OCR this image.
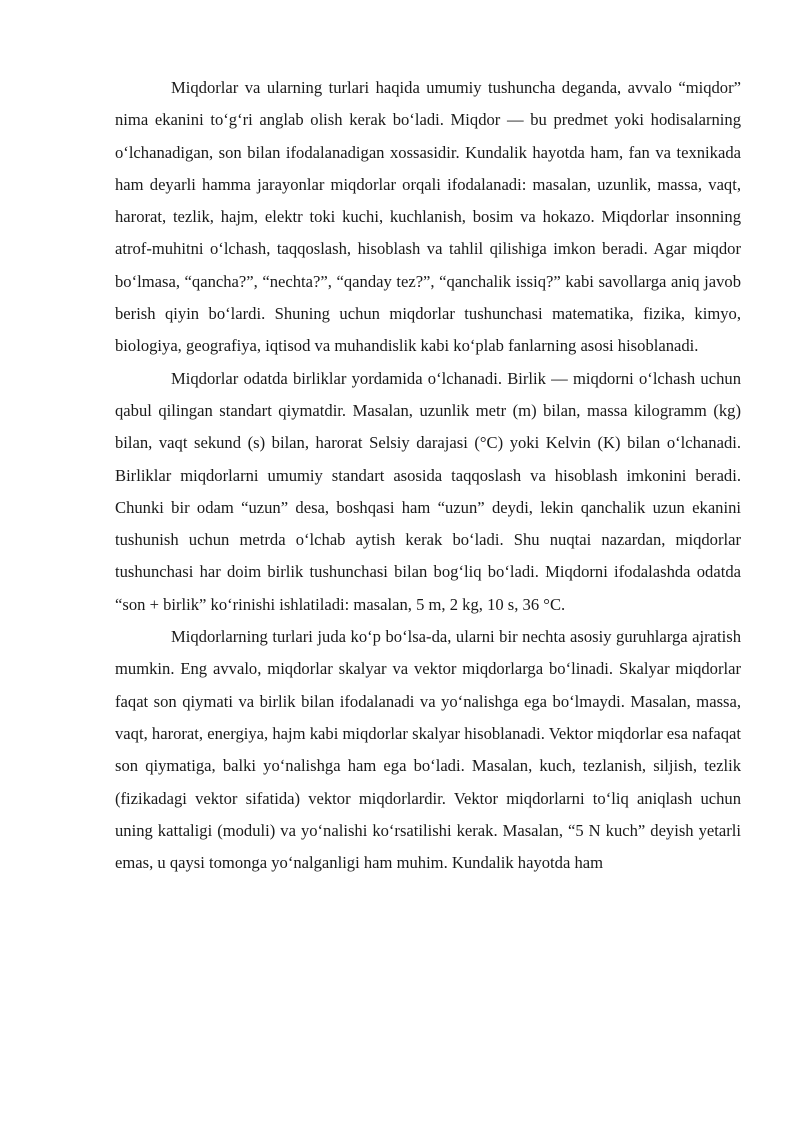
Miqdorlar va ularning turlari haqida umumiy tushuncha deganda, avvalo “miqdor” nima ekanini to‘g‘ri anglab olish kerak bo‘ladi. Miqdor — bu predmet yoki hodisalarning o‘lchanadigan, son bilan ifodalanadigan xossasidir. Kundalik hayotda ham, fan va texnikada ham deyarli hamma jarayonlar miqdorlar orqali ifodalanadi: masalan, uzunlik, massa, vaqt, harorat, tezlik, hajm, elektr toki kuchi, kuchlanish, bosim va hokazo. Miqdorlar insonning atrof-muhitni o‘lchash, taqqoslash, hisoblash va tahlil qilishiga imkon beradi. Agar miqdor bo‘lmasa, “qancha?”, “nechta?”, “qanday tez?”, “qanchalik issiq?” kabi savollarga aniq javob berish qiyin bo‘lardi. Shuning uchun miqdorlar tushunchasi matematika, fizika, kimyo, biologiya, geografiya, iqtisod va muhandislik kabi ko‘plab fanlarning asosi hisoblanadi.

Miqdorlar odatda birliklar yordamida o‘lchanadi. Birlik — miqdorni o‘lchash uchun qabul qilingan standart qiymatdir. Masalan, uzunlik metr (m) bilan, massa kilogramm (kg) bilan, vaqt sekund (s) bilan, harorat Selsiy darajasi (°C) yoki Kelvin (K) bilan o‘lchanadi. Birliklar miqdorlarni umumiy standart asosida taqqoslash va hisoblash imkonini beradi. Chunki bir odam “uzun” desa, boshqasi ham “uzun” deydi, lekin qanchalik uzun ekanini tushunish uchun metrda o‘lchab aytish kerak bo‘ladi. Shu nuqtai nazardan, miqdorlar tushunchasi har doim birlik tushunchasi bilan bog‘liq bo‘ladi. Miqdorni ifodalashda odatda “son + birlik” ko‘rinishi ishlatiladi: masalan, 5 m, 2 kg, 10 s, 36 °C.

Miqdorlarning turlari juda ko‘p bo‘lsa-da, ularni bir nechta asosiy guruhlarga ajratish mumkin. Eng avvalo, miqdorlar skalyar va vektor miqdorlarga bo‘linadi. Skalyar miqdorlar faqat son qiymati va birlik bilan ifodalanadi va yo‘nalishga ega bo‘lmaydi. Masalan, massa, vaqt, harorat, energiya, hajm kabi miqdorlar skalyar hisoblanadi. Vektor miqdorlar esa nafaqat son qiymatiga, balki yo‘nalishga ham ega bo‘ladi. Masalan, kuch, tezlanish, siljish, tezlik (fizikadagi vektor sifatida) vektor miqdorlardir. Vektor miqdorlarni to‘liq aniqlash uchun uning kattaligi (moduli) va yo‘nalishi ko‘rsatilishi kerak. Masalan, “5 N kuch” deyish yetarli emas, u qaysi tomonga yo‘nalganligi ham muhim. Kundalik hayotda ham
